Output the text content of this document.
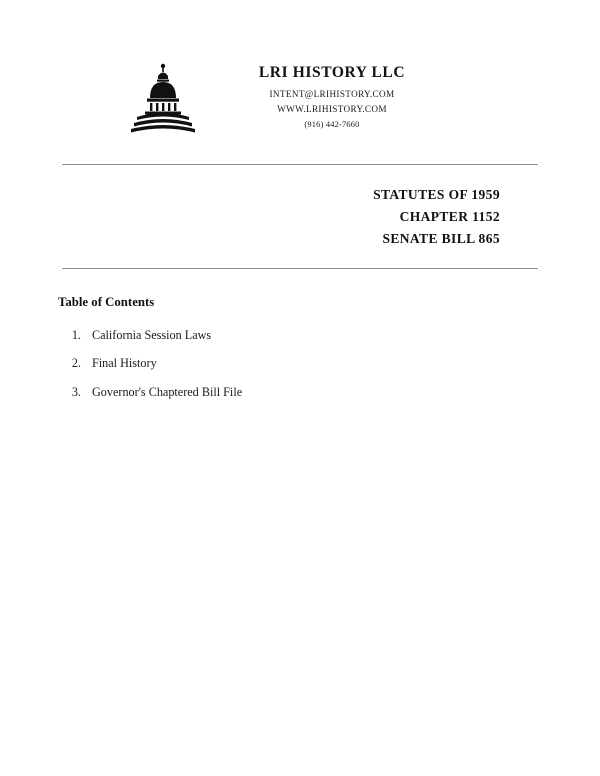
LRI HISTORY LLC
INTENT@LRIHISTORY.COM
WWW.LRIHISTORY.COM
(916) 442-7660
STATUTES OF 1959
CHAPTER 1152
SENATE BILL 865
Table of Contents
1. California Session Laws
2. Final History
3. Governor's Chaptered Bill File
